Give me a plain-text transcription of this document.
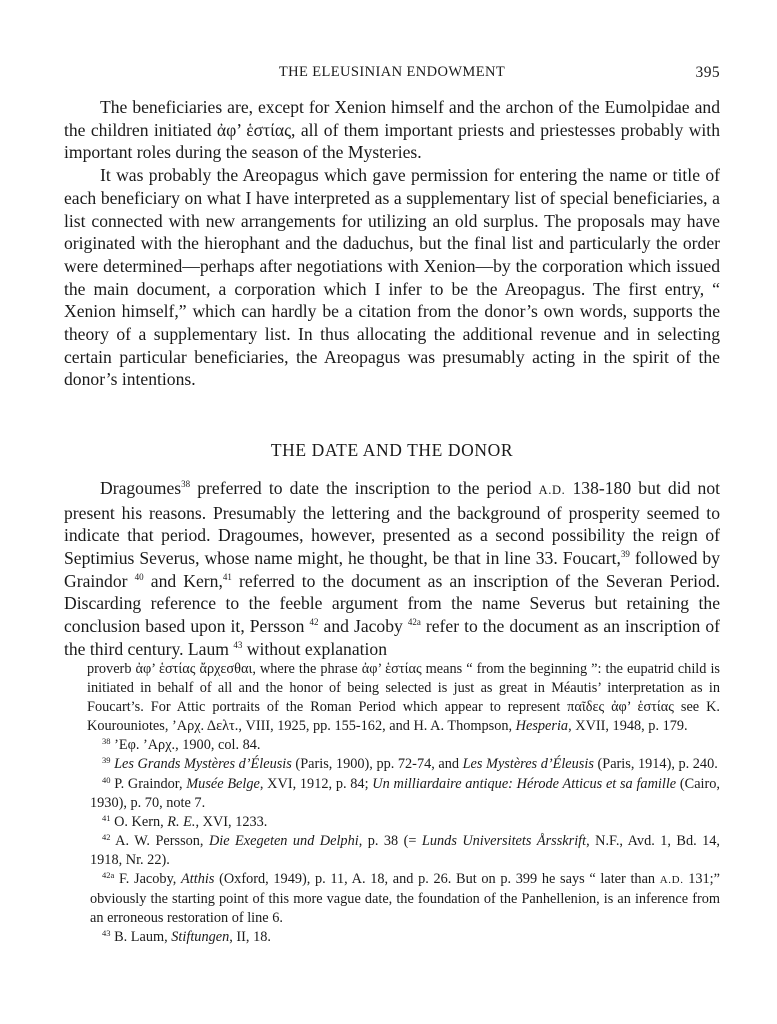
THE ELEUSINIAN ENDOWMENT	395

The beneficiaries are, except for Xenion himself and the archon of the Eumolpidae and the children initiated ἀφ’ ἑστίας, all of them important priests and priestesses probably with important roles during the season of the Mysteries.

It was probably the Areopagus which gave permission for entering the name or title of each beneficiary on what I have interpreted as a supplementary list of special beneficiaries, a list connected with new arrangements for utilizing an old surplus. The proposals may have originated with the hierophant and the daduchus, but the final list and particularly the order were determined—perhaps after negotiations with Xenion—by the corporation which issued the main document, a corporation which I infer to be the Areopagus. The first entry, “ Xenion himself,” which can hardly be a citation from the donor’s own words, supports the theory of a supplementary list. In thus allocating the additional revenue and in selecting certain particular beneficiaries, the Areopagus was presumably acting in the spirit of the donor’s intentions.

THE DATE AND THE DONOR

Dragoumes$^{38}$ preferred to date the inscription to the period A.D. 138-180 but did not present his reasons. Presumably the lettering and the background of prosperity seemed to indicate that period. Dragoumes, however, presented as a second possibility the reign of Septimius Severus, whose name might, he thought, be that in line 33. Foucart,$^{39}$ followed by Graindor $^{40}$ and Kern,$^{41}$ referred to the document as an inscription of the Severan Period. Discarding reference to the feeble argument from the name Severus but retaining the conclusion based upon it, Persson $^{42}$ and Jacoby $^{42a}$ refer to the document as an inscription of the third century. Laum $^{43}$ without explanation

proverb ἀφ’ ἑστίας ἄρχεσθαι, where the phrase ἀφ’ ἑστίας means “ from the beginning ”: the eupatrid child is initiated in behalf of all and the honor of being selected is just as great in Méautis’ interpretation as in Foucart’s. For Attic portraits of the Roman Period which appear to represent παῖδες ἀφ’ ἑστίας see K. Kourouniotes, ’Αρχ. Δελτ., VIII, 1925, pp. 155-162, and H. A. Thompson, Hesperia, XVII, 1948, p. 179.

$^{38}$ ’Εφ. ’Αρχ., 1900, col. 84.

$^{39}$ Les Grands Mystères d’Éleusis (Paris, 1900), pp. 72-74, and Les Mystères d’Éleusis (Paris, 1914), p. 240.

$^{40}$ P. Graindor, Musée Belge, XVI, 1912, p. 84; Un milliardaire antique: Hérode Atticus et sa famille (Cairo, 1930), p. 70, note 7.

$^{41}$ O. Kern, R. E., XVI, 1233.

$^{42}$ A. W. Persson, Die Exegeten und Delphi, p. 38 (= Lunds Universitets Årsskrift, N.F., Avd. 1, Bd. 14, 1918, Nr. 22).

$^{42a}$ F. Jacoby, Atthis (Oxford, 1949), p. 11, A. 18, and p. 26. But on p. 399 he says “ later than A.D. 131;” obviously the starting point of this more vague date, the foundation of the Panhellenion, is an inference from an erroneous restoration of line 6.

$^{43}$ B. Laum, Stiftungen, II, 18.
